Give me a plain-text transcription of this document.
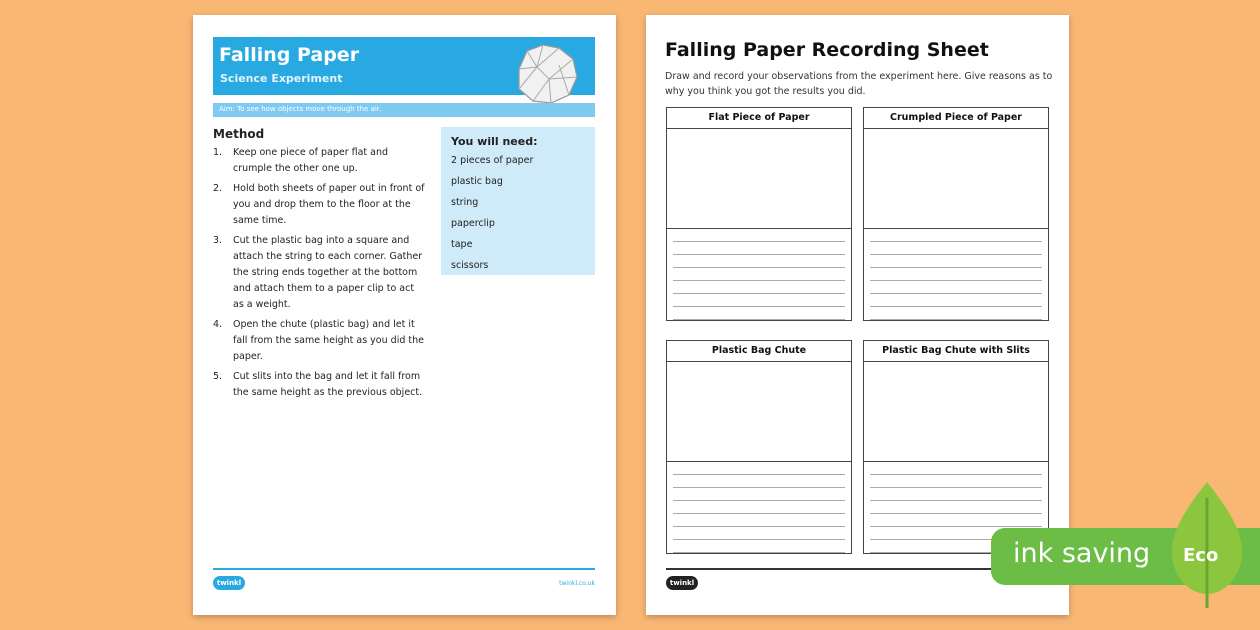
Falling Paper
Science Experiment
Aim: To see how objects move through the air.
Method
1.	Keep one piece of paper flat and crumple the other one up.
2.	Hold both sheets of paper out in front of you and drop them to the floor at the same time.
3.	Cut the plastic bag into a square and attach the string to each corner. Gather the string ends together at the bottom and attach them to a paper clip to act as a weight.
4.	Open the chute (plastic bag) and let it fall from the same height as you did the paper.
5.	Cut slits into the bag and let it fall from the same height as the previous object.
You will need:
2 pieces of paper
plastic bag
string
paperclip
tape
scissors
twinkl	twinkl.co.uk
Falling Paper Recording Sheet
Draw and record your observations from the experiment here. Give reasons as to why you think you got the results you did.
Flat Piece of Paper	Crumpled Piece of Paper
Plastic Bag Chute	Plastic Bag Chute with Slits
twinkl
ink saving Eco
